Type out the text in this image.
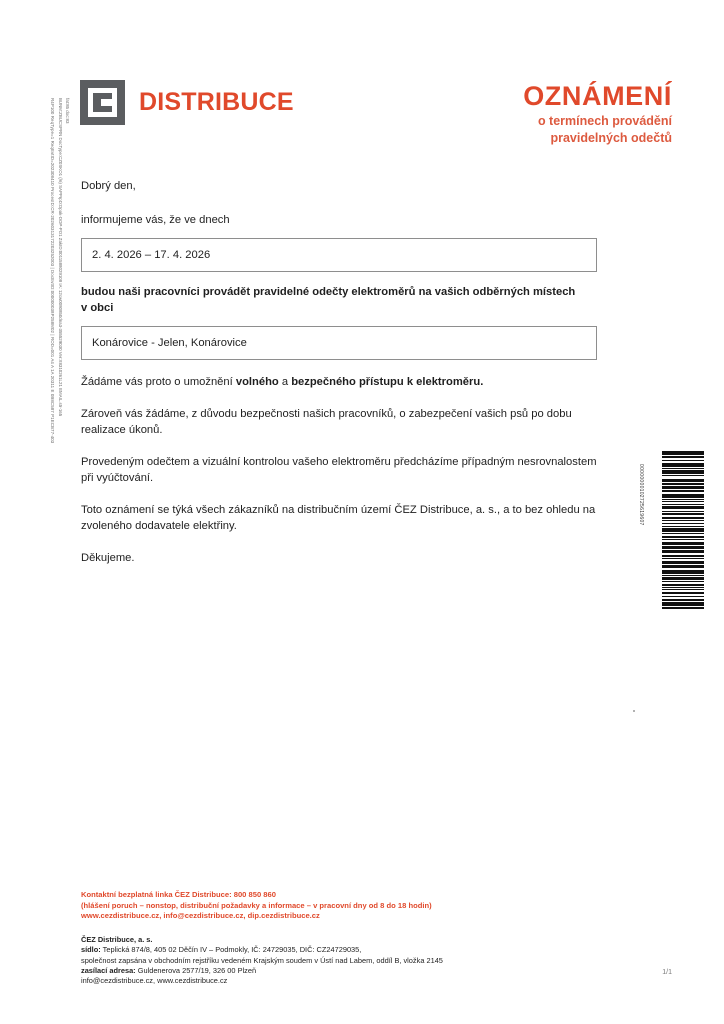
R4P100 ReqType=1 ReqEvtID=202308410 ProcesID:CR-20260313172203252003 | DocEvtID:000000038P258M02 | ROD=001 A4 A 1A 20311 E 0B8C587 P1ECB77-403 BUNM:ZBUCSPRN DocType:CZ0SKO1 (/6) SAPPrpD:Dpak-DOP-PO1 ZakID:0011588029108 IA: 12cw0080850dna3-355529030 Ver:X8310261L21 EMAIL.str-165 fat:85 doc:83	DISTRIBUCE	OZNÁMENÍ
o termínech provádění
pravidelných odečtů

Dobrý den,

informujeme vás, že ve dnech

2. 4. 2026 – 17. 4. 2026

budou naši pracovníci provádět pravidelné odečty elektroměrů na vašich odběrných místech

v obci

Konárovice - Jelen, Konárovice

Žádáme vás proto o umožnění volného a bezpečného přístupu k elektroměru.

Zároveň vás žádáme, z důvodu bezpečnosti našich pracovníků, o zabezpečení vašich psů po dobu realizace úkonů.

Provedeným odečtem a vizuální kontrolou vašeho elektroměru předcházíme případným nesrovnalostem při vyúčtování.

Toto oznámení se týká všech zákazníků na distribučním území ČEZ Distribuce, a. s., a to bez ohledu na zvoleného dodavatele elektřiny.

Děkujeme.

00000000102725619607
Kontaktní bezplatná linka ČEZ Distribuce: 800 850 860
(hlášení poruch – nonstop, distribuční požadavky a informace – v pracovní dny od 8 do 18 hodin)
www.cezdistribuce.cz, info@cezdistribuce.cz, dip.cezdistribuce.cz
ČEZ Distribuce, a. s.
sídlo: Teplická 874/8, 405 02 Děčín IV – Podmokly, IČ: 24729035, DIČ: CZ24729035,
společnost zapsána v obchodním rejstříku vedeném Krajským soudem v Ústí nad Labem, oddíl B, vložka 2145
zasílací adresa: Guldenerova 2577/19, 326 00 Plzeň
info@cezdistribuce.cz, www.cezdistribuce.cz
1/1
